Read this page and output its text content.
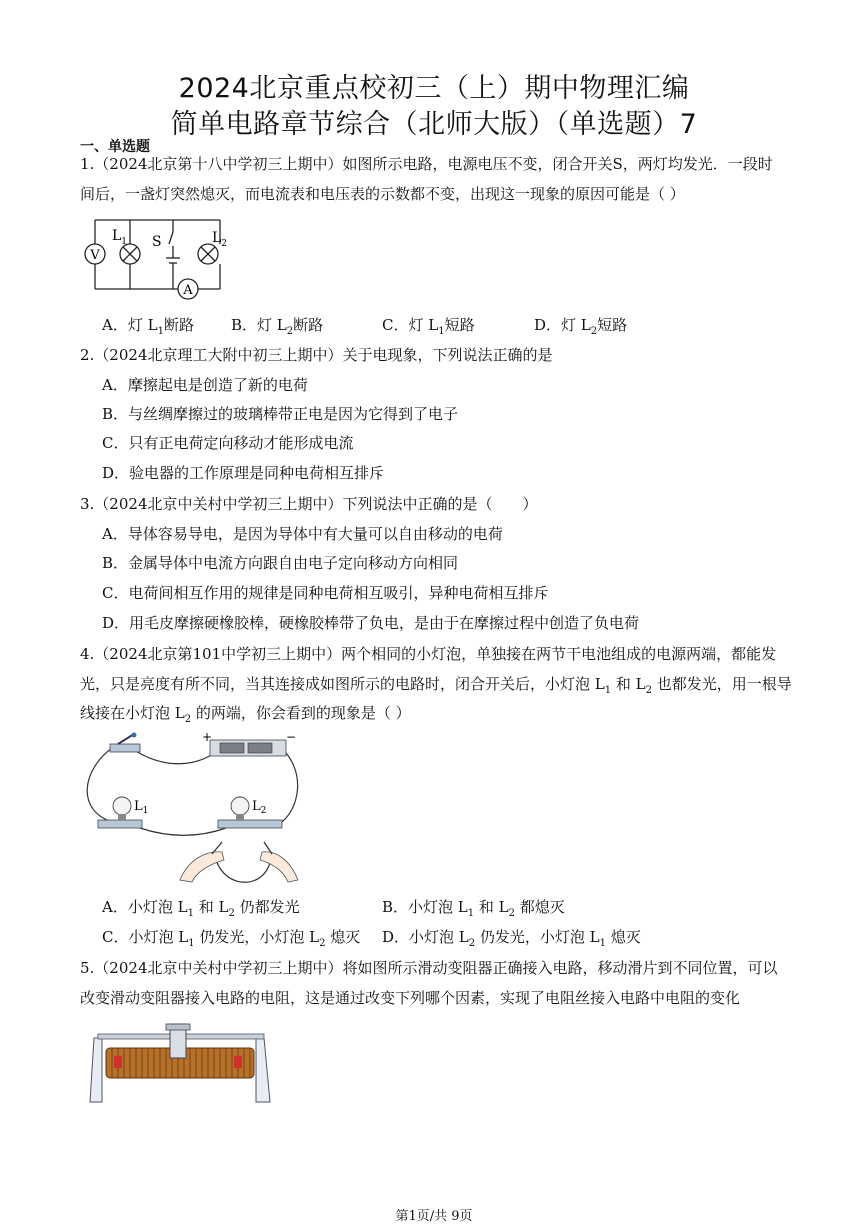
2024北京重点校初三（上）期中物理汇编
简单电路章节综合（北师大版）（单选题）7
一、单选题
1.（2024北京第十八中学初三上期中）如图所示电路，电源电压不变，闭合开关S，两灯均发光．一段时
间后，一盏灯突然熄灭，而电流表和电压表的示数都不变，出现这一现象的原因可能是（ ）
V
A
$L_1$ S	$L_2$
A．灯 $L_1$断路 B．灯 $L_2$断路	C．灯 $L_1$短路	D．灯 $L_2$短路
2.（2024北京理工大附中初三上期中）关于电现象，下列说法正确的是
A．摩擦起电是创造了新的电荷
B．与丝绸摩擦过的玻璃棒带正电是因为它得到了电子
C．只有正电荷定向移动才能形成电流
D．验电器的工作原理是同种电荷相互排斥
3.（2024北京中关村中学初三上期中）下列说法中正确的是（　　）
A．导体容易导电，是因为导体中有大量可以自由移动的电荷
B．金属导体中电流方向跟自由电子定向移动方向相同
C．电荷间相互作用的规律是同种电荷相互吸引，异种电荷相互排斥
D．用毛皮摩擦硬橡胶棒，硬橡胶棒带了负电，是由于在摩擦过程中创造了负电荷
4.（2024北京第101中学初三上期中）两个相同的小灯泡，单独接在两节干电池组成的电源两端，都能发
光，只是亮度有所不同，当其连接成如图所示的电路时，闭合开关后，小灯泡 $L_1$ 和 $L_2$ 也都发光，用一根导
线接在小灯泡 $L_2$ 的两端，你会看到的现象是（ ）
+	−
$L_1$	$L_2$
A．小灯泡 $L_1$ 和 $L_2$ 仍都发光	B．小灯泡 $L_1$ 和 $L_2$ 都熄灭
C．小灯泡 $L_1$ 仍发光，小灯泡 $L_2$ 熄灭 D．小灯泡 $L_2$ 仍发光，小灯泡 $L_1$ 熄灭
5.（2024北京中关村中学初三上期中）将如图所示滑动变阻器正确接入电路，移动滑片到不同位置，可以
改变滑动变阻器接入电路的电阻，这是通过改变下列哪个因素，实现了电阻丝接入电路中电阻的变化
第1页/共 9页
